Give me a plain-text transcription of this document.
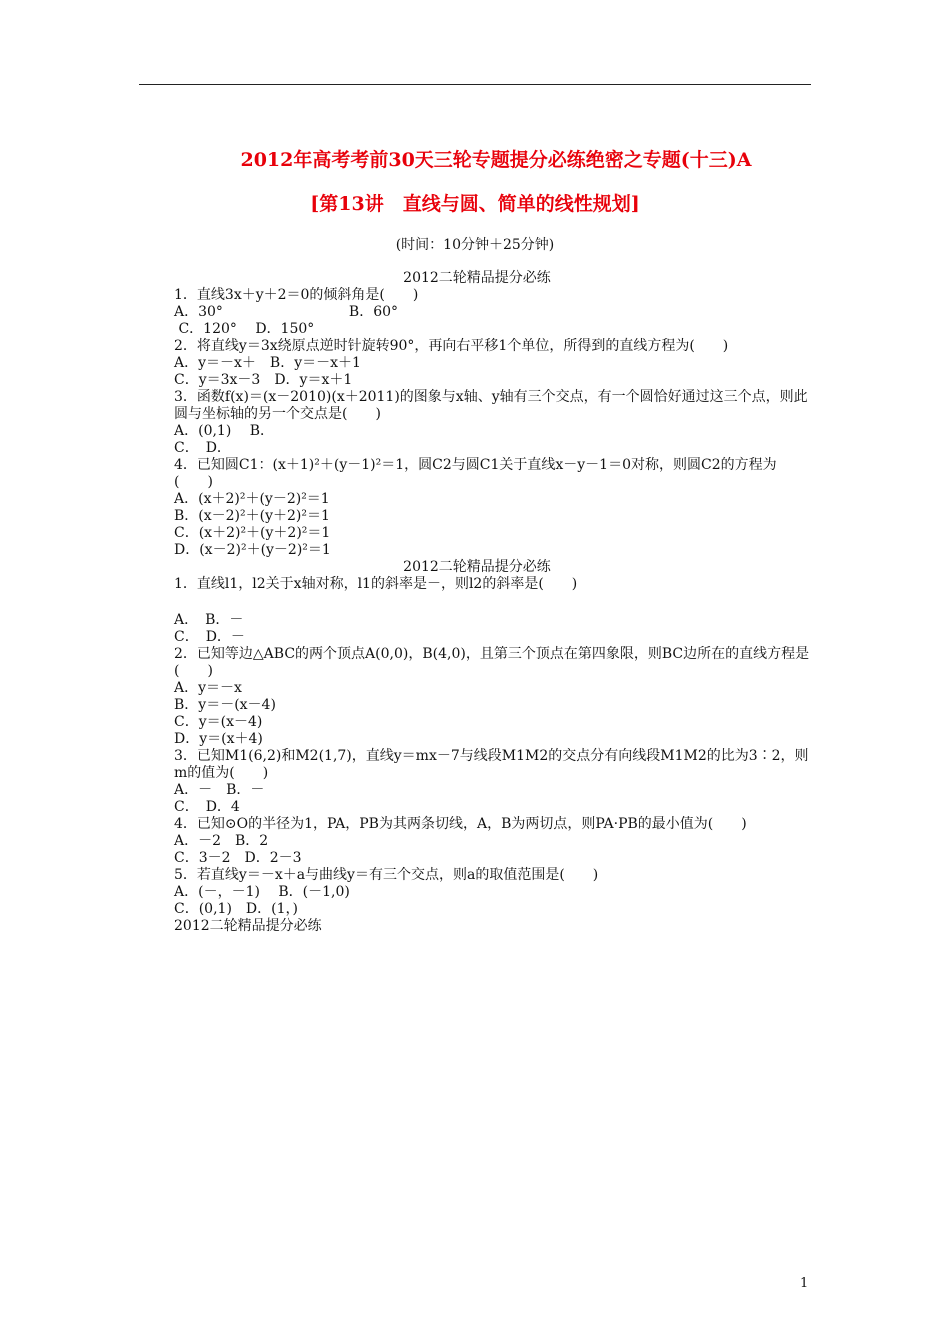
2012年高考考前30天三轮专题提分必练绝密之专题(十三)A
[第13讲　直线与圆、简单的线性规划]
(时间：10分钟＋25分钟)
2012二轮精品提分必练
1．直线3x＋y＋2＝0的倾斜角是(　　)
A．30°　　　　　　　　　B．60°
C．120°　 D．150°
2．将直线y＝3x绕原点逆时针旋转90°，再向右平移1个单位，所得到的直线方程为(　　)
A．y＝－x＋　B．y＝－x＋1
C．y＝3x－3　D．y＝x＋1
3．函数f(x)＝(x－2010)(x＋2011)的图象与x轴、y轴有三个交点，有一个圆恰好通过这三个点，则此圆与坐标轴的另一个交点是(　　)
A．(0,1)　 B．
C．　D．
4．已知圆C1：(x＋1)²＋(y－1)²＝1，圆C2与圆C1关于直线x－y－1＝0对称，则圆C2的方程为(　　)
A．(x＋2)²＋(y－2)²＝1
B．(x－2)²＋(y＋2)²＝1
C．(x＋2)²＋(y＋2)²＝1
D．(x－2)²＋(y－2)²＝1
2012二轮精品提分必练
1．直线l1，l2关于x轴对称，l1的斜率是－，则l2的斜率是(　　)
A．　B．－
C．　D．－
2．已知等边△ABC的两个顶点A(0,0)，B(4,0)，且第三个顶点在第四象限，则BC边所在的直线方程是(　　)
A．y＝－x
B．y＝－(x－4)
C．y＝(x－4)
D．y＝(x＋4)
3．已知M1(6,2)和M2(1,7)，直线y＝mx－7与线段M1M2的交点分有向线段M1M2的比为3∶2，则m的值为(　　)
A．－　B．－
C．　D．4
4．已知⊙O的半径为1，PA，PB为其两条切线，A，B为两切点，则PA·PB的最小值为(　　)
A．－2　B．2
C．3－2　D．2－3
5．若直线y＝－x＋a与曲线y＝有三个交点，则a的取值范围是(　　)
A．(－，－1)　 B．(－1,0)
C．(0,1)　D．(1，)
2012二轮精品提分必练
1
